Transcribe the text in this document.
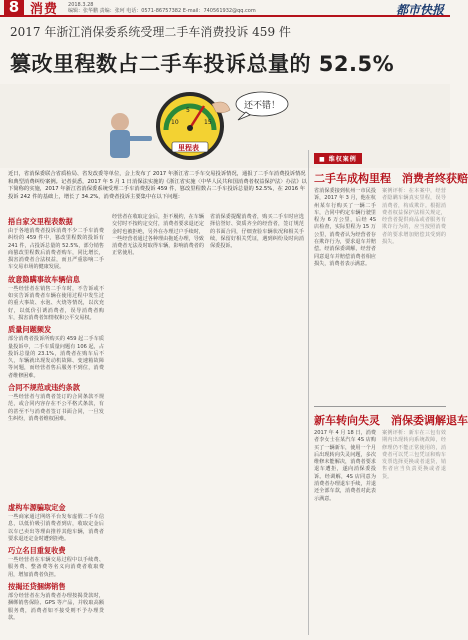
8 消费 2018.3.28
编辑：张华鹏 责编：张珂 电话：0571-86757382 E-mail：740561932@qq.com	都市快报
2017 年浙江消保委系统受理二手车消费投诉 459 件
篡改里程数占二手车投诉总量的 52.5%
10
5
15
里程表
还不错！
近日，省消保委联合省质检局、省发改委等单位，会上发布了 2017 年浙江省二手车交易投诉情况，通报了二手车消费投诉情况和典型消费纠纷案例。记者获悉，2017 年 5 月 1 日消保法实施的《浙江省实施〈中华人民共和国消费者权益保护法〉办法》以下简称的实施，2017 年浙江省消保委系统受理二手车消费投诉 459 件，篡改里程数占二手车投诉总量的 52.5%，在 2016 年投诉 242 件的基础上，增长了 34.2%，消费者投诉主要集中在以下问题：
捂自家交里程表数据
由于各地消费者投诉消费不少二手车消费纠纷的 459 件中，篡改里程数的投诉有 241 件，占投诉总量的 52.5%，部分销售商篡改里程数后消费者购车，同比增长，损害消费者合法权益，而且严重影响二手车交易市场的健康发展。
故意隐瞒事故车辆信息
一些经营者在销售二手车时，不告诉或不如实告诉消费者车辆在使用过程中发生过的重大事故、水泡、火烧等情况，以次充好，以低价引诱消费者，误导消费者购车，损害消费者知情权和公平交易权。
质量问题频发
部分消费者投诉所购买的 459 起二手车质量投诉中，二手车质量问题有 106 起，占投诉总量的 23.1%，消费者在购车后不久，车辆就出现发动机故障、变速箱故障等问题，而经营者售后服务不到位，消费者维修困难。
合同不规范或违约条款
一些经营者与消费者签订的合同条款不规范，或合同内容存在不公平格式条款，有的甚至不与消费者签订书面合同，一旦发生纠纷，消费者维权困难。
虚构车源骗取定金
一些商家通过网络平台发布虚假二手车信息，以低价吸引消费者到店，收取定金后以车已卖出等理由推荐其他车辆，消费者要求退还定金时遭到拒绝。
巧立名目重复收费
一些经营者在车辆交易过程中以手续费、服务费、整备费等名义向消费者收取费用，增加消费者负担。
按揭还贷捆绑销售
部分经营者在为消费者办理按揭贷款时，捆绑销售保险、GPS 等产品，并收取高额服务费，消费者如不接受则不予办理贷款。
经营者在收取定金后，拒不履约，在车辆交付时不按约定交付，消费者要求退还定金时也被拒绝，另外在办理过户手续时，一些经营者通过各种理由拖延办理，导致消费者无法及时取得车辆，影响消费者的正常使用。
省消保委提醒消费者，购买二手车时应选择信誉好、资质齐全的经营者，签订规范的书面合同，仔细查验车辆状况和相关手续，保留好相关凭证，遇到纠纷及时向消保委投诉。
■ 维权案例
二手车成构里程　消费者终获赔
省消保委接到杭州一市民投诉，2017 年 3 月，他在杭州某车行购买了一辆二手车，合同中约定车辆行驶里程为 6 万公里，后经 4S 店检查，实际里程为 15 万公里，消费者认为经营者存在欺诈行为，要求退车并赔偿。经消保委调解，经营者同意退车并赔偿消费者相应损失，消费者表示满意。
案例评析：在本案中，经营者隐瞒车辆真实里程，误导消费者，构成欺诈。根据消费者权益保护法相关规定，经营者提供商品或者服务有欺诈行为的，应当按照消费者的要求增加赔偿其受到的损失。
新车转向失灵　消保委调解退车
2017 年 4 月 18 日，消费者李女士在某汽车 4S 店购买了一辆新车，使用一个月后出现转向失灵问题，多次维修未能解决，消费者要求退车遭拒，遂向消保委投诉。经调解，4S 店同意为消费者办理退车手续，并退还全部车款，消费者对此表示满意。
案例评析：新车在三包有效期内出现转向系统故障，经修理仍不能正常使用的，消费者可以凭三包凭证和购车发票选择更换或者退货，销售者应当负责更换或者退货。
